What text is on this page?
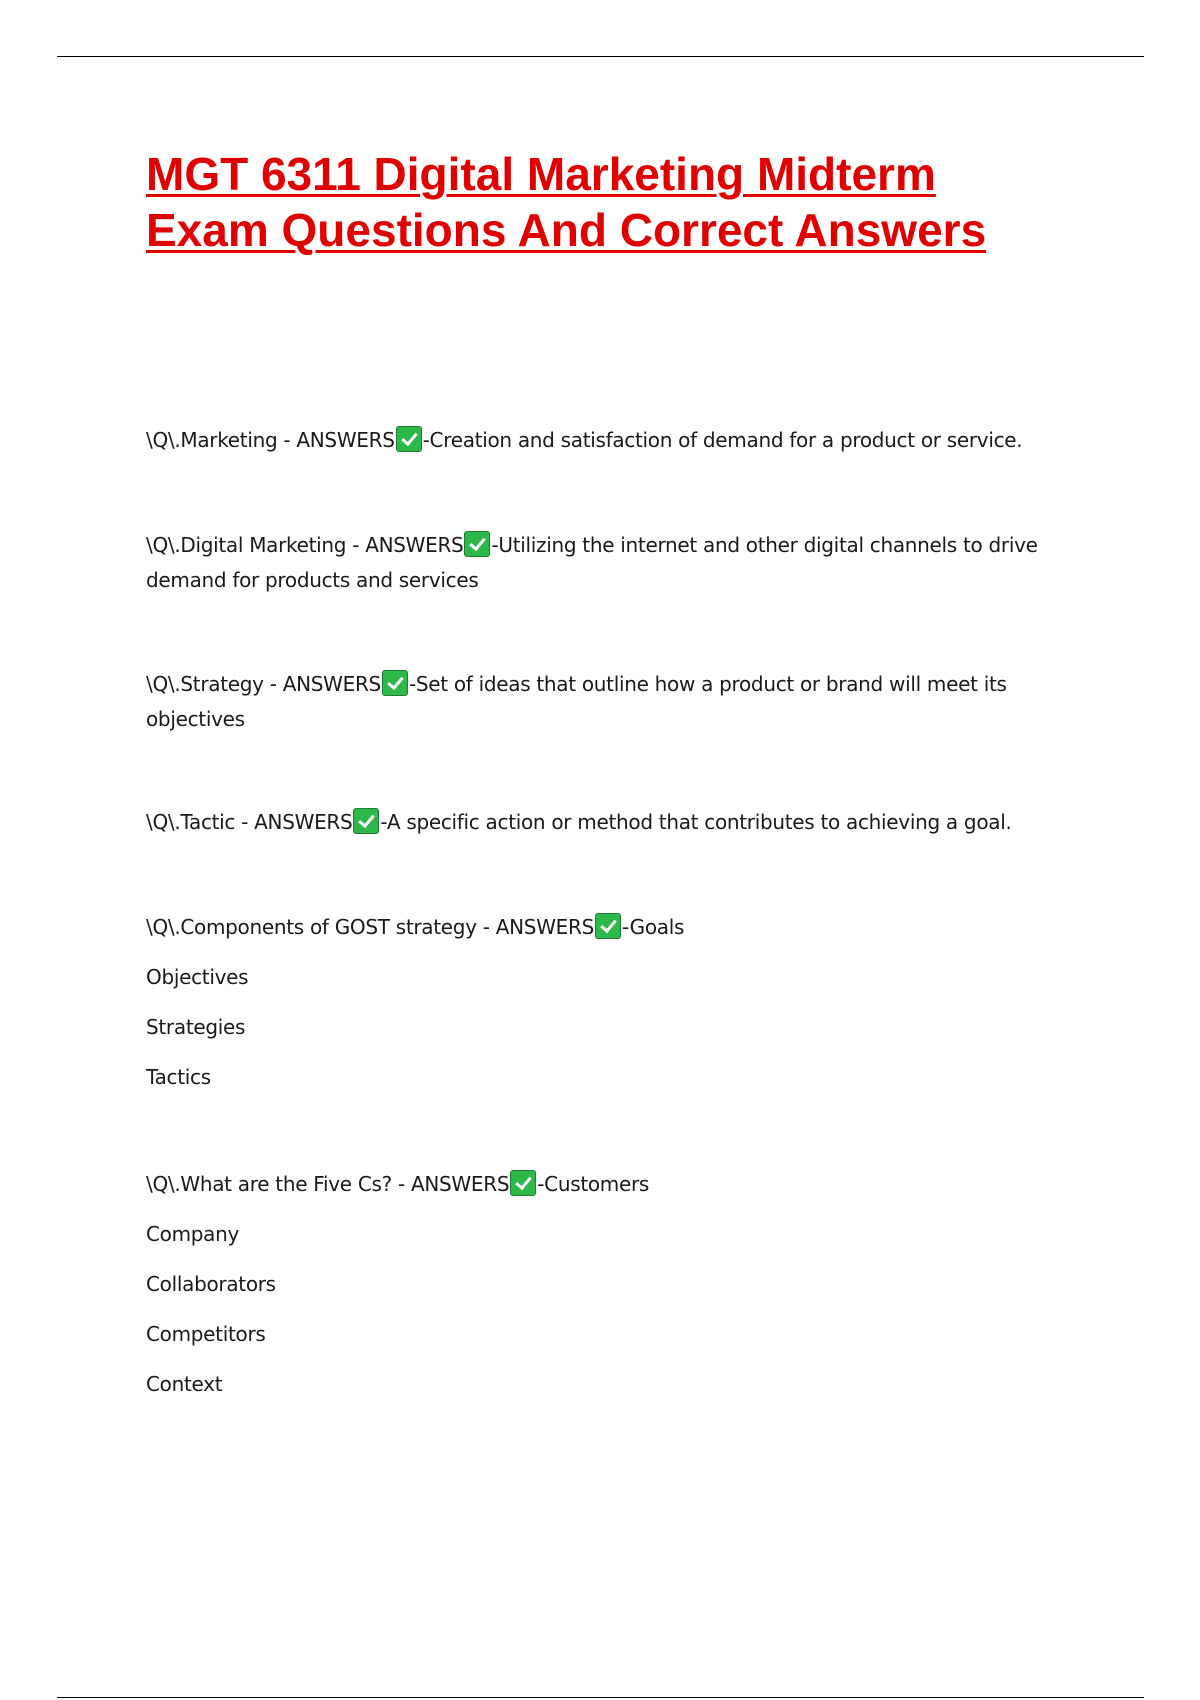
MGT 6311 Digital Marketing Midterm
Exam Questions And Correct Answers
\Q\.Marketing - ANSWERS -Creation and satisfaction of demand for a product or service.
\Q\.Digital Marketing - ANSWERS -Utilizing the internet and other digital channels to drive demand for products and services
\Q\.Strategy - ANSWERS -Set of ideas that outline how a product or brand will meet its objectives
\Q\.Tactic - ANSWERS -A specific action or method that contributes to achieving a goal.
\Q\.Components of GOST strategy - ANSWERS -Goals
Objectives
Strategies
Tactics
\Q\.What are the Five Cs? - ANSWERS -Customers
Company
Collaborators
Competitors
Context
